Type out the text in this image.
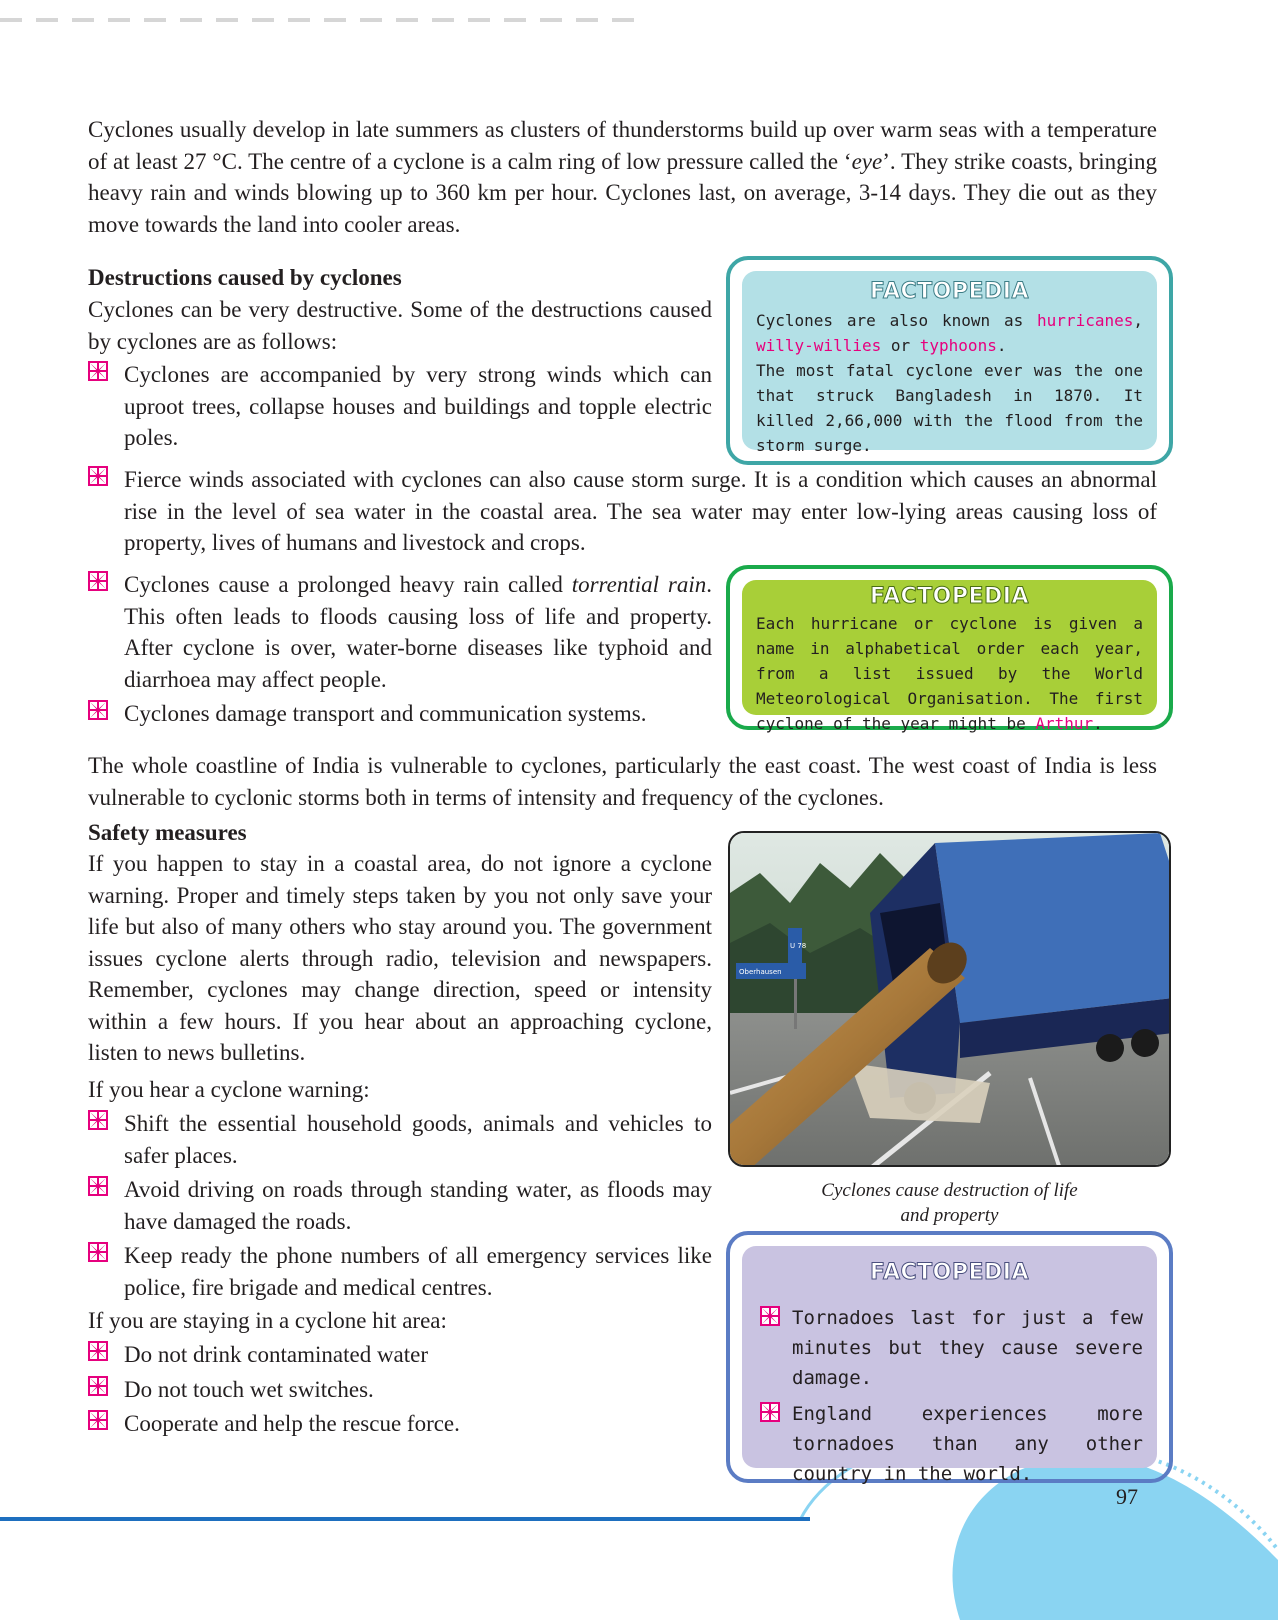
Cyclones usually develop in late summers as clusters of thunderstorms build up over warm seas with a temperature of at least 27 °C. The centre of a cyclone is a calm ring of low pressure called the ‘eye’. They strike coasts, bringing heavy rain and winds blowing up to 360 km per hour. Cyclones last, on average, 3-14 days. They die out as they move towards the land into cooler areas.

Destructions caused by cyclones

Cyclones can be very destructive. Some of the destructions caused by cyclones are as follows:

Cyclones are accompanied by very strong winds which can uproot trees, collapse houses and buildings and topple electric poles.
Fierce winds associated with cyclones can also cause storm surge. It is a condition which causes an abnormal rise in the level of sea water in the coastal area. The sea water may enter low-lying areas causing loss of property, lives of humans and livestock and crops.
Cyclones cause a prolonged heavy rain called torrential rain. This often leads to floods causing loss of life and property. After cyclone is over, water-borne diseases like typhoid and diarrhoea may affect people.
Cyclones damage transport and communication systems.

The whole coastline of India is vulnerable to cyclones, particularly the east coast. The west coast of India is less vulnerable to cyclonic storms both in terms of intensity and frequency of the cyclones.

Safety measures

If you happen to stay in a coastal area, do not ignore a cyclone warning. Proper and timely steps taken by you not only save your life but also of many others who stay around you. The government issues cyclone alerts through radio, television and newspapers. Remember, cyclones may change direction, speed or intensity within a few hours. If you hear about an approaching cyclone, listen to news bulletins.

If you hear a cyclone warning:

Shift the essential household goods, animals and vehicles to safer places.
Avoid driving on roads through standing water, as floods may have damaged the roads.
Keep ready the phone numbers of all emergency services like police, fire brigade and medical centres.

If you are staying in a cyclone hit area:

Do not drink contaminated water
Do not touch wet switches.
Cooperate and help the rescue force.
FACTOPEDIA

Cyclones are also known as hurricanes, willy-willies or typhoons.
The most fatal cyclone ever was the one that struck Bangladesh in 1870. It killed 2,66,000 with the flood from the storm surge.

FACTOPEDIA

Each hurricane or cyclone is given a name in alphabetical order each year, from a list issued by the World Meteorological Organisation. The first cyclone of the year might be Arthur.

U 78
Oberhausen
Cyclones cause destruction of life
and property
FACTOPEDIA

Tornadoes last for just a few minutes but they cause severe damage.

England experiences more tornadoes than any other country in the world.

97
